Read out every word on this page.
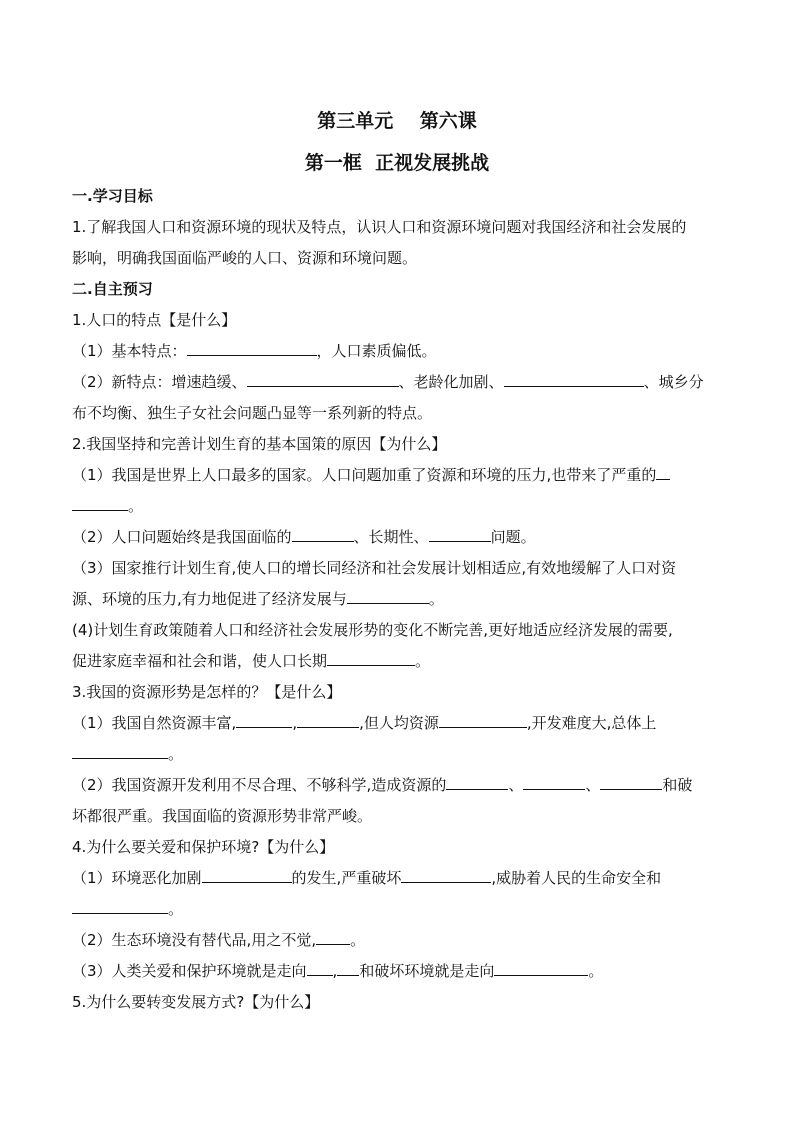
第三单元    第六课
第一框  正视发展挑战
一.学习目标
1.了解我国人口和资源环境的现状及特点，认识人口和资源环境问题对我国经济和社会发展的
影响，明确我国面临严峻的人口、资源和环境问题。
二.自主预习
1.人口的特点【是什么】
（1）基本特点：	，人口素质偏低。
（2）新特点：增速趋缓、	、老龄化加剧、	、城乡分
布不均衡、独生子女社会问题凸显等一系列新的特点。
2.我国坚持和完善计划生育的基本国策的原因【为什么】
（1）我国是世界上人口最多的国家。人口问题加重了资源和环境的压力,也带来了严重的
。
（2）人口问题始终是我国面临的	、长期性、	问题。
（3）国家推行计划生育,使人口的增长同经济和社会发展计划相适应,有效地缓解了人口对资
源、环境的压力,有力地促进了经济发展与	。
(4)计划生育政策随着人口和经济社会发展形势的变化不断完善,更好地适应经济发展的需要,
促进家庭幸福和社会和谐，使人口长期	。
3.我国的资源形势是怎样的？【是什么】
（1）我国自然资源丰富,	,	,但人均资源	,开发难度大,总体上
。
（2）我国资源开发利用不尽合理、不够科学,造成资源的	、	、	和破
坏都很严重。我国面临的资源形势非常严峻。
4.为什么要关爱和保护环境?【为什么】
（1）环境恶化加剧	的发生,严重破坏	,威胁着人民的生命安全和
。
（2）生态环境没有替代品,用之不觉, 。
（3）人类关爱和保护环境就是走向 , 和破坏环境就是走向	。
5.为什么要转变发展方式?【为什么】
